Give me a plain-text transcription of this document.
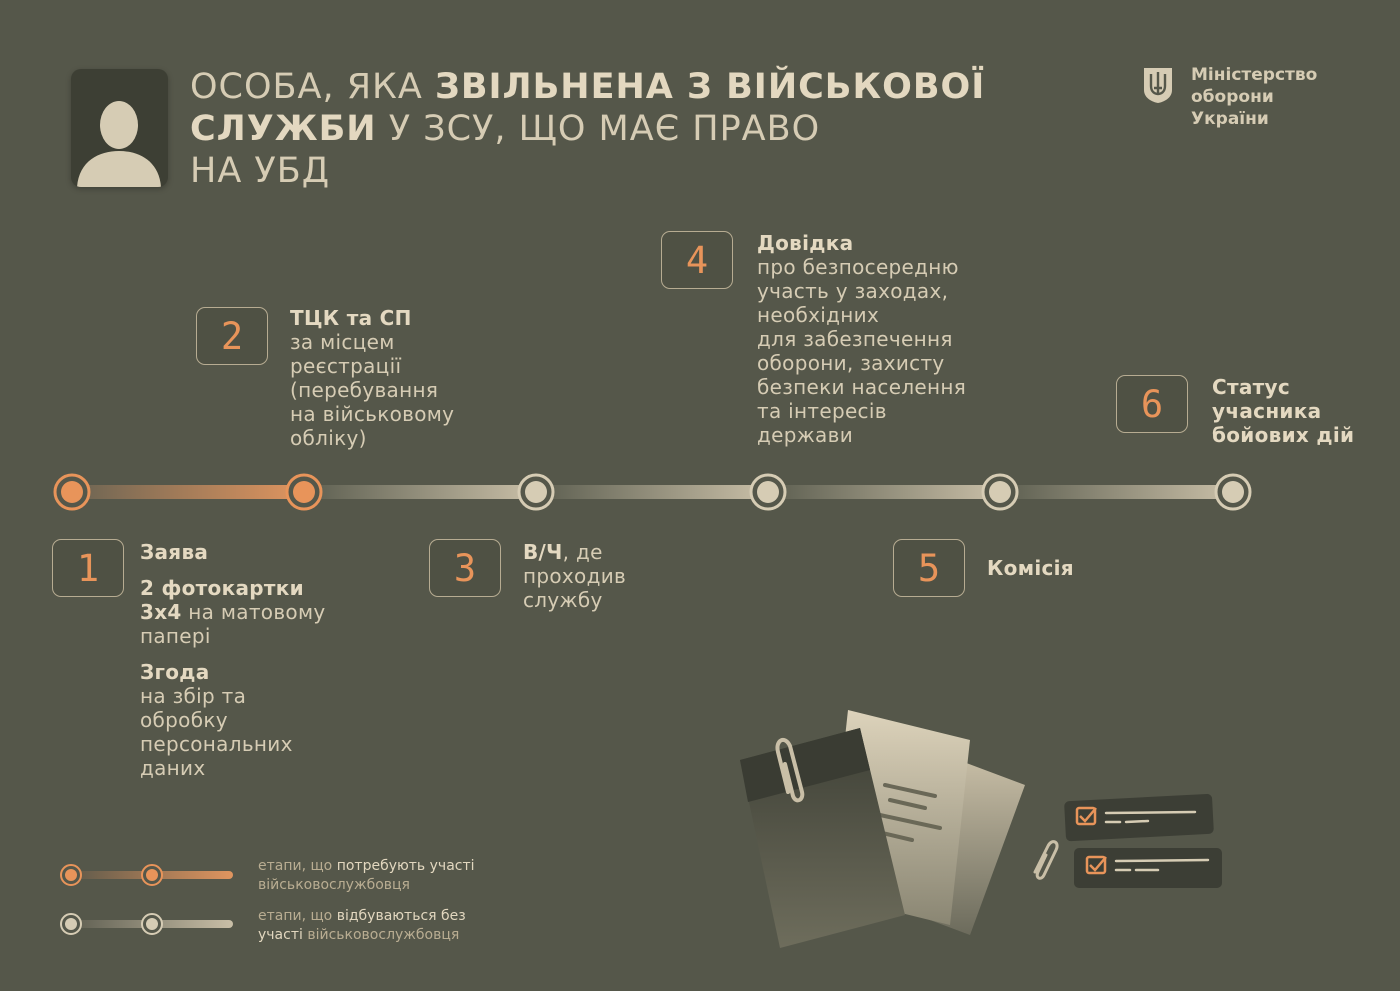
ОСОБА, ЯКА ЗВІЛЬНЕНА З ВІЙСЬКОВОЇ
СЛУЖБИ У ЗСУ, ЩО МАЄ ПРАВО
НА УБД
Міністерство
оборони
України
1	Заява

2 фотокартки
3х4 на матовому папері

Згода
на збір та обробку персональних даних

2	ТЦК та СП
за місцем
реєстрації
(перебування
на військовому
обліку)
3	В/Ч, де
проходив
службу
4	Довідка
про безпосередню
участь у заходах,
необхідних
для забезпечення
оборони, захисту
безпеки населення
та інтересів
держави
5	Комісія
6	Статус
учасника
бойових дій
етапи, що потребують участі
військовослужбовця
етапи, що відбуваються без
участі військовослужбовця
